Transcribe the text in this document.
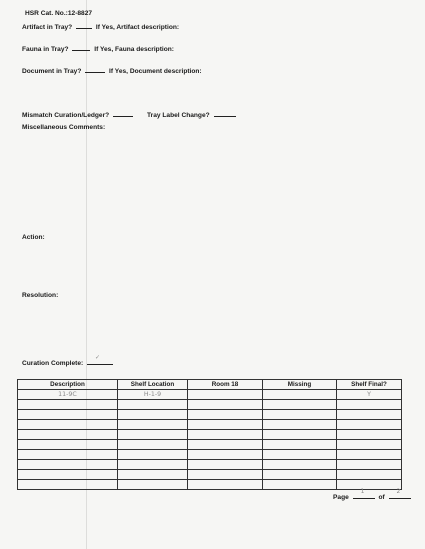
HSR Cat. No.:12-8827
Artifact in Tray?	If Yes, Artifact description:
Fauna in Tray?	If Yes, Fauna description:
Document in Tray?	If Yes, Document description:
Mismatch Curation/Ledger?	Tray Label Change?
Miscellaneous Comments:
Action:
Resolution:
Curation Complete:
✓
Description	Shelf Location	Room 18	Missing	Shelf Final?
11-9C	H-1-9			Y

Page
1
of
2
